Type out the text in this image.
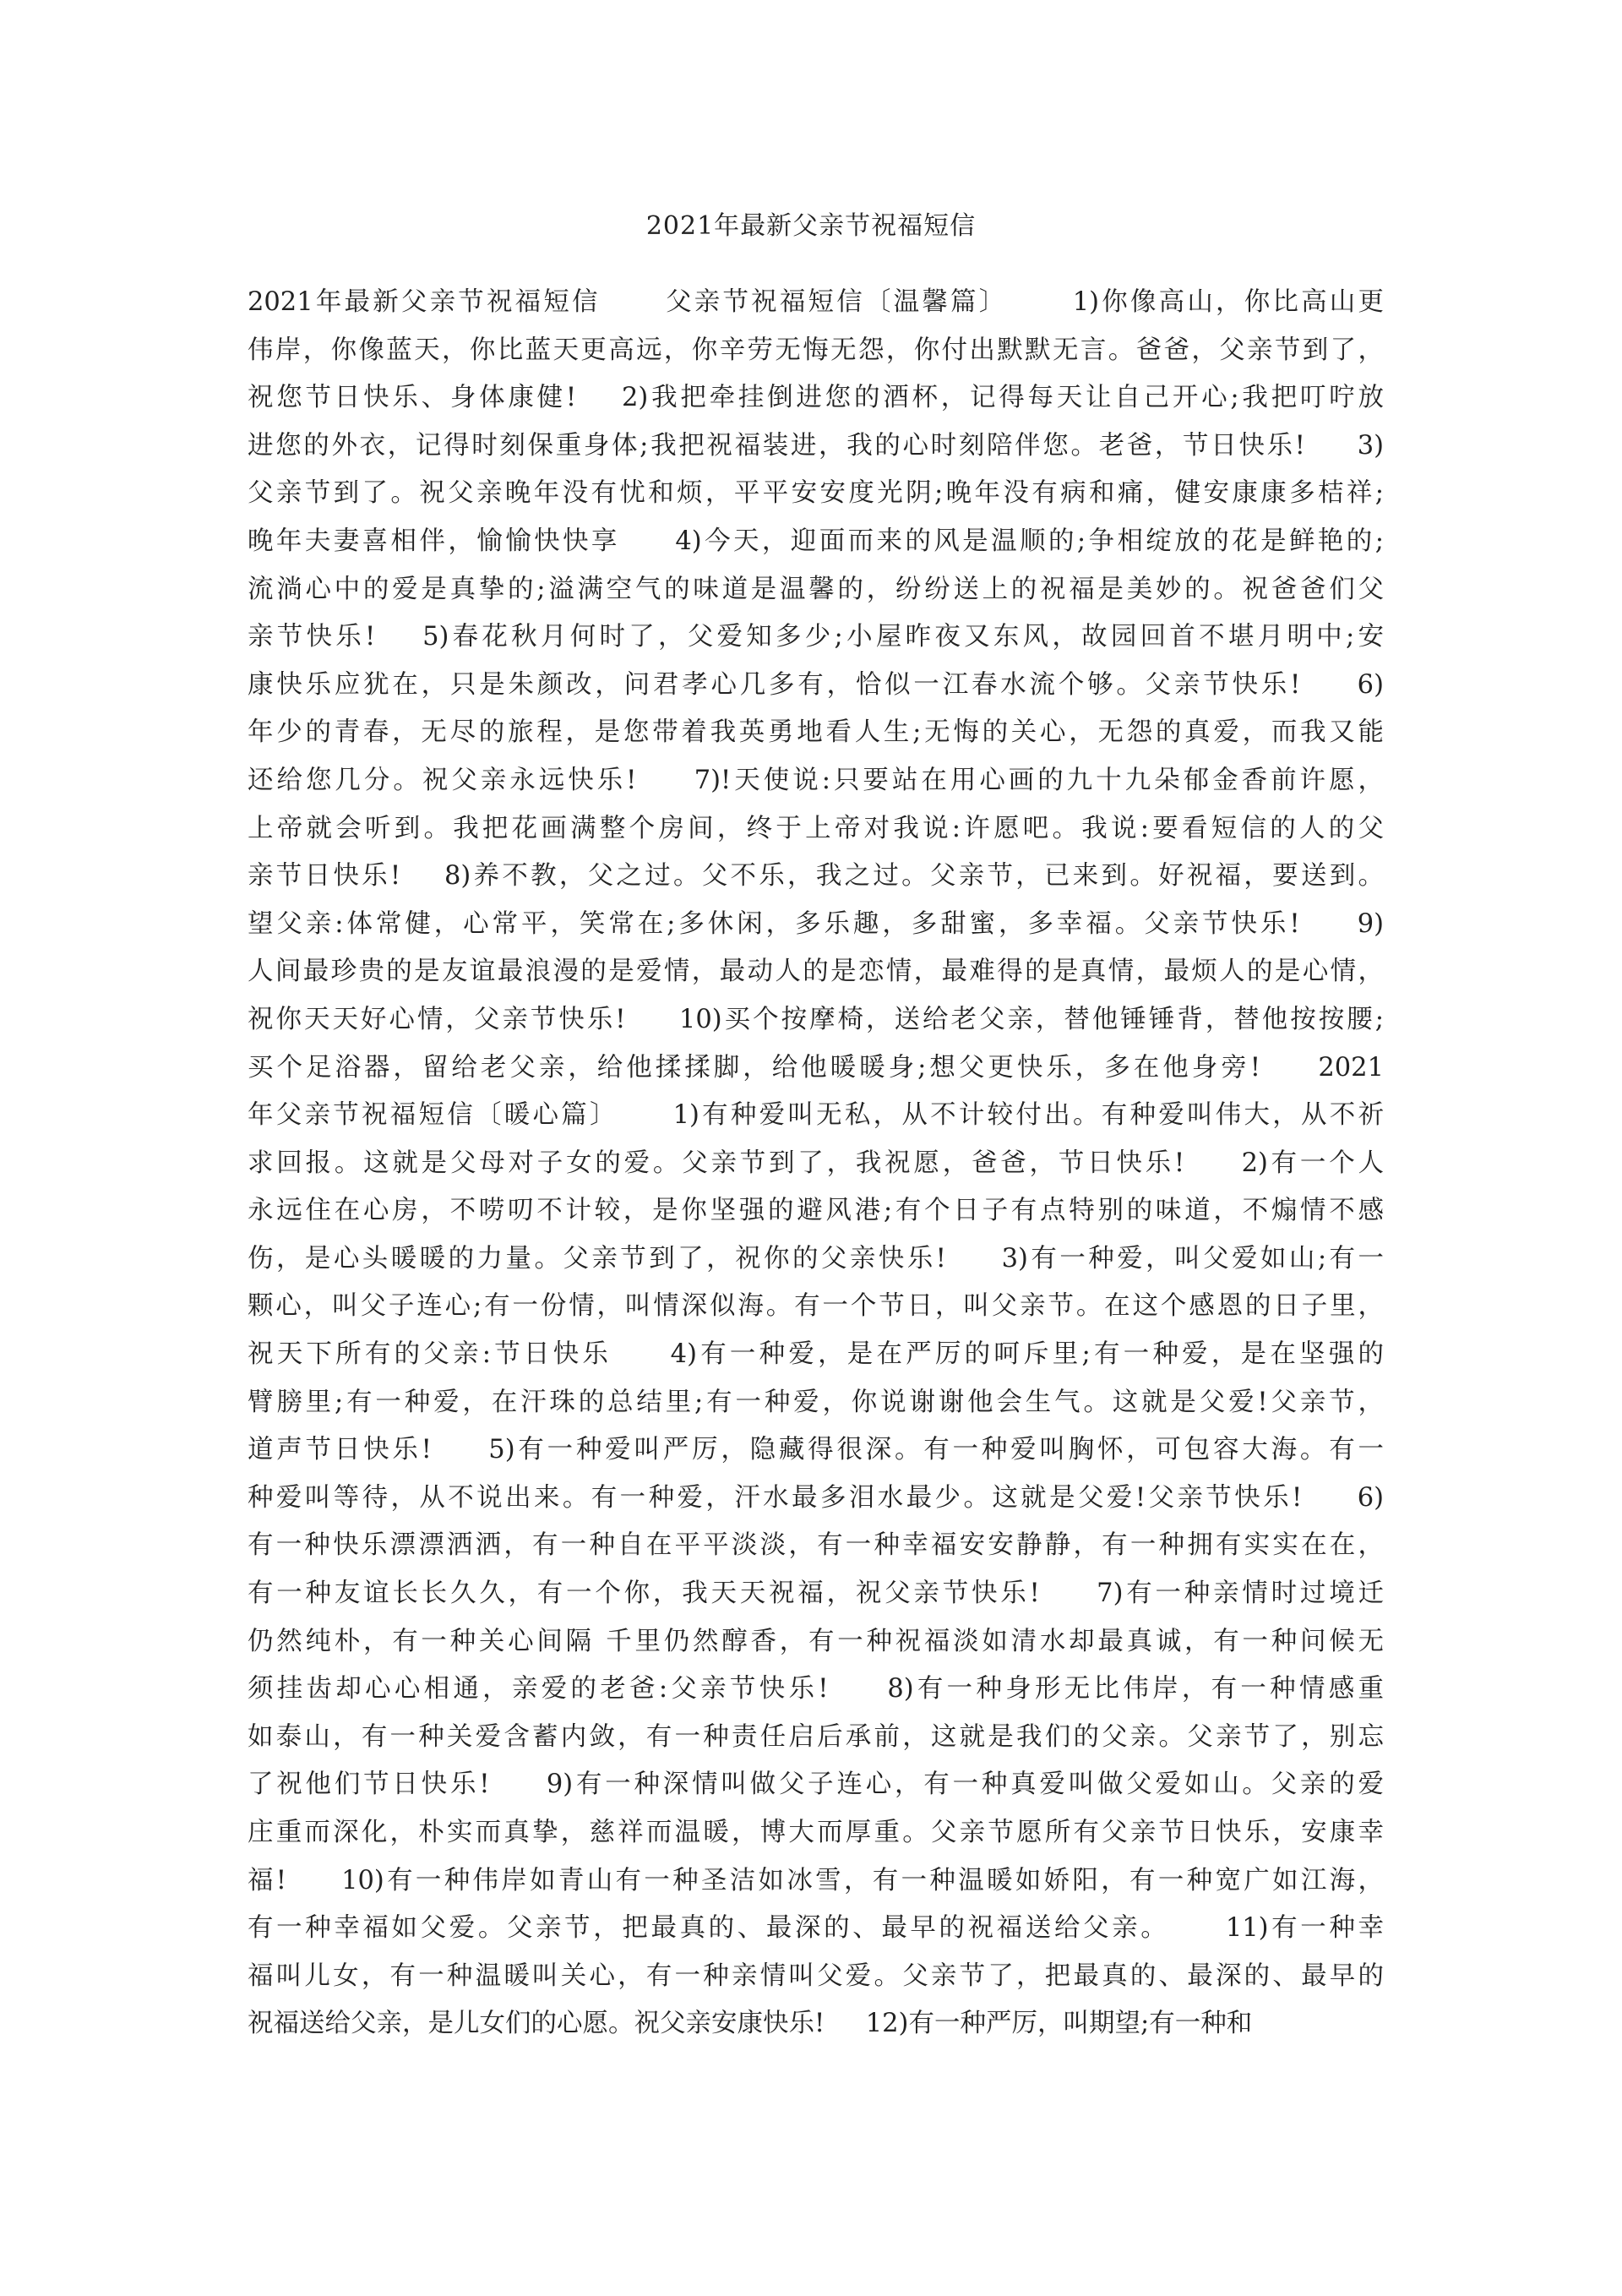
2021年最新父亲节祝福短信
2021年最新父亲节祝福短信      父亲节祝福短信〔温馨篇〕      1)你像高山，你比高山更
伟岸，你像蓝天，你比蓝天更高远，你辛劳无悔无怨，你付出默默无言。爸爸，父亲节到了，
祝您节日快乐、身体康健!    2)我把牵挂倒进您的酒杯，记得每天让自己开心;我把叮咛放
进您的外衣，记得时刻保重身体;我把祝福装进，我的心时刻陪伴您。老爸，节日快乐!     3)
父亲节到了。祝父亲晚年没有忧和烦，平平安安度光阴;晚年没有病和痛，健安康康多桔祥;
晚年夫妻喜相伴，愉愉快快享     4)今天，迎面而来的风是温顺的;争相绽放的花是鲜艳的;
流淌心中的爱是真挚的;溢满空气的味道是温馨的，纷纷送上的祝福是美妙的。祝爸爸们父
亲节快乐!    5)春花秋月何时了，父爱知多少;小屋昨夜又东风，故园回首不堪月明中;安
康快乐应犹在，只是朱颜改，问君孝心几多有，恰似一江春水流个够。父亲节快乐!     6)
年少的青春，无尽的旅程，是您带着我英勇地看人生;无悔的关心，无怨的真爱，而我又能
还给您几分。祝父亲永远快乐!     7)!天使说:只要站在用心画的九十九朵郁金香前许愿，
上帝就会听到。我把花画满整个房间，终于上帝对我说:许愿吧。我说:要看短信的人的父
亲节日快乐!    8)养不教，父之过。父不乐，我之过。父亲节，已来到。好祝福，要送到。
望父亲:体常健，心常平，笑常在;多休闲，多乐趣，多甜蜜，多幸福。父亲节快乐!     9)
人间最珍贵的是友谊最浪漫的是爱情，最动人的是恋情，最难得的是真情，最烦人的是心情，
祝你天天好心情，父亲节快乐!     10)买个按摩椅，送给老父亲，替他锤锤背，替他按按腰;
买个足浴器，留给老父亲，给他揉揉脚，给他暖暖身;想父更快乐，多在他身旁!     2021
年父亲节祝福短信〔暖心篇〕     1)有种爱叫无私，从不计较付出。有种爱叫伟大，从不祈
求回报。这就是父母对子女的爱。父亲节到了，我祝愿，爸爸，节日快乐!     2)有一个人
永远住在心房，不唠叨不计较，是你坚强的避风港;有个日子有点特别的味道，不煽情不感
伤，是心头暖暖的力量。父亲节到了，祝你的父亲快乐!     3)有一种爱，叫父爱如山;有一
颗心，叫父子连心;有一份情，叫情深似海。有一个节日，叫父亲节。在这个感恩的日子里，
祝天下所有的父亲:节日快乐     4)有一种爱，是在严厉的呵斥里;有一种爱，是在坚强的
臂膀里;有一种爱，在汗珠的总结里;有一种爱，你说谢谢他会生气。这就是父爱!父亲节，
道声节日快乐!     5)有一种爱叫严厉，隐藏得很深。有一种爱叫胸怀，可包容大海。有一
种爱叫等待，从不说出来。有一种爱，汗水最多泪水最少。这就是父爱!父亲节快乐!     6)
有一种快乐漂漂洒洒，有一种自在平平淡淡，有一种幸福安安静静，有一种拥有实实在在，
有一种友谊长长久久，有一个你，我天天祝福，祝父亲节快乐!     7)有一种亲情时过境迁
仍然纯朴，有一种关心间隔 千里仍然醇香，有一种祝福淡如清水却最真诚，有一种问候无
须挂齿却心心相通，亲爱的老爸:父亲节快乐!     8)有一种身形无比伟岸，有一种情感重
如泰山，有一种关爱含蓄内敛，有一种责任启后承前，这就是我们的父亲。父亲节了，别忘
了祝他们节日快乐!     9)有一种深情叫做父子连心，有一种真爱叫做父爱如山。父亲的爱
庄重而深化，朴实而真挚，慈祥而温暖，博大而厚重。父亲节愿所有父亲节日快乐，安康幸
福!     10)有一种伟岸如青山有一种圣洁如冰雪，有一种温暖如娇阳，有一种宽广如江海，
有一种幸福如父爱。父亲节，把最真的、最深的、最早的祝福送给父亲。     11)有一种幸
福叫儿女，有一种温暖叫关心，有一种亲情叫父爱。父亲节了，把最真的、最深的、最早的
祝福送给父亲，是儿女们的心愿。祝父亲安康快乐!     12)有一种严厉，叫期望;有一种和
